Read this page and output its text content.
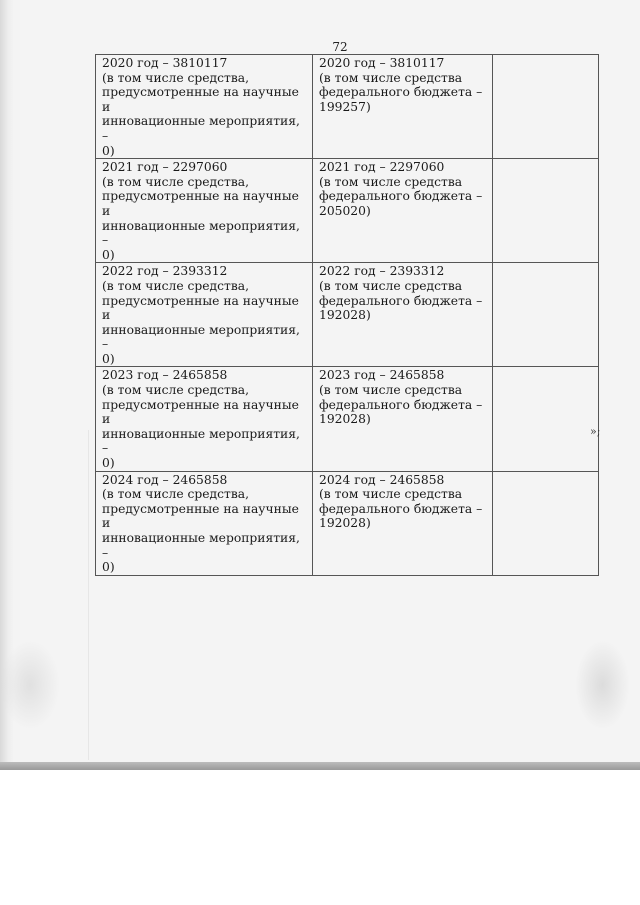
72
2020 год – 3810117
(в том числе средства,
предусмотренные на научные и
инновационные мероприятия, –
0)	2020 год – 3810117
(в том числе средства
федерального бюджета –
199257)	
2021 год – 2297060
(в том числе средства,
предусмотренные на научные и
инновационные мероприятия, –
0)	2021 год – 2297060
(в том числе средства
федерального бюджета –
205020)	
2022 год – 2393312
(в том числе средства,
предусмотренные на научные и
инновационные мероприятия, –
0)	2022 год – 2393312
(в том числе средства
федерального бюджета –
192028)	
2023 год – 2465858
(в том числе средства,
предусмотренные на научные и
инновационные мероприятия, –
0)	2023 год – 2465858
(в том числе средства
федерального бюджета –
192028)	
2024 год – 2465858
(в том числе средства,
предусмотренные на научные и
инновационные мероприятия, –
0)	2024 год – 2465858
(в том числе средства
федерального бюджета –
192028)	
»;
